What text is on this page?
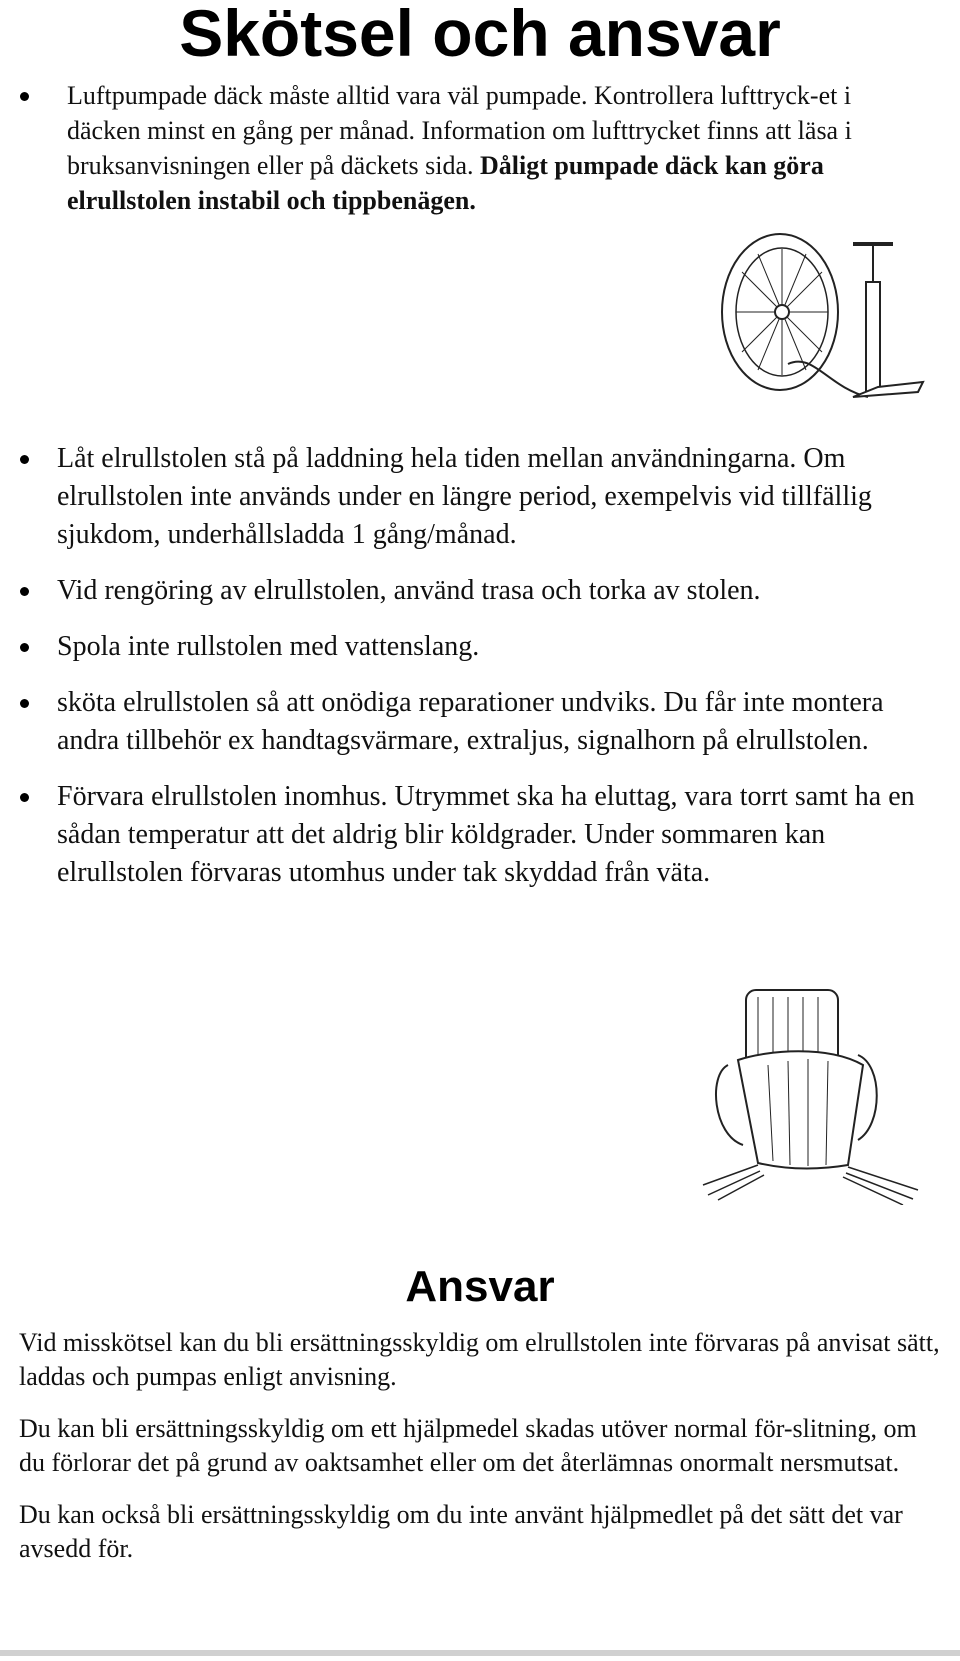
Skötsel och ansvar

Luftpumpade däck måste alltid vara väl pumpade. Kontrollera lufttryck-et i däcken minst en gång per månad. Information om lufttrycket finns att läsa i bruksanvisningen eller på däckets sida. Dåligt pumpade däck kan göra elrullstolen instabil och tippbenägen.

Låt elrullstolen stå på laddning hela tiden mellan användningarna. Om elrullstolen inte används under en längre period, exempelvis vid tillfällig sjukdom, underhållsladda 1 gång/månad.

Vid rengöring av elrullstolen, använd trasa och torka av stolen.

Spola inte rullstolen med vattenslang.

sköta elrullstolen så att onödiga reparationer undviks. Du får inte montera andra tillbehör ex handtagsvärmare, extraljus, signalhorn på elrullstolen.

Förvara elrullstolen inomhus. Utrymmet ska ha eluttag, vara torrt samt ha en sådan temperatur att det aldrig blir köldgrader. Under sommaren kan elrullstolen förvaras utomhus under tak skyddad från väta.

Ansvar

Vid misskötsel kan du bli ersättningsskyldig om elrullstolen inte förvaras på anvisat sätt, laddas och pumpas enligt anvisning.

Du kan bli ersättningsskyldig om ett hjälpmedel skadas utöver normal för-slitning, om du förlorar det på grund av oaktsamhet eller om det återlämnas onormalt nersmutsat.

Du kan också bli ersättningsskyldig om du inte använt hjälpmedlet på det sätt det var avsedd för.
